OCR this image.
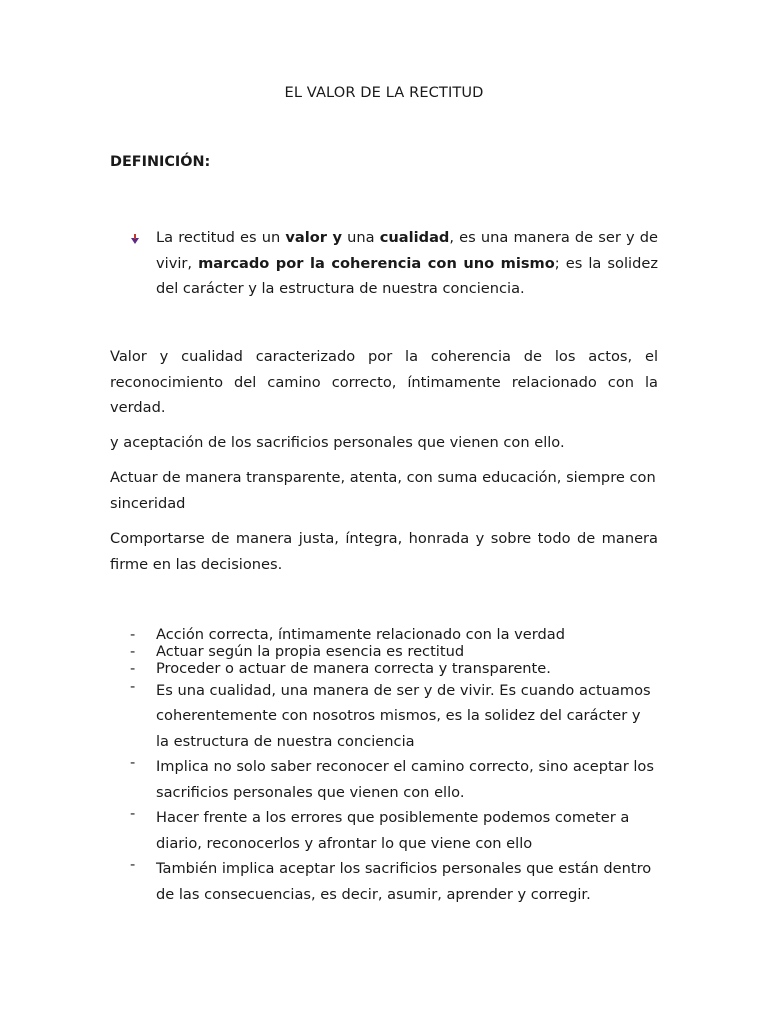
EL VALOR DE LA RECTITUD
DEFINICIÓN:
La rectitud es un valor y una cualidad, es una manera de ser y de vivir, marcado por la coherencia con uno mismo; es la solidez del carácter y la estructura de nuestra conciencia.
Valor y cualidad caracterizado por la coherencia de los actos, el reconocimiento del camino correcto, íntimamente relacionado con la verdad.
y aceptación de los sacrificios personales que vienen con ello.
Actuar de manera transparente, atenta, con suma educación, siempre con sinceridad
Comportarse de manera justa, íntegra, honrada y sobre todo de manera firme en las decisiones.
- Acción correcta, íntimamente relacionado con la verdad
- Actuar según la propia esencia es rectitud
- Proceder o actuar de manera correcta y transparente.
- Es una cualidad, una manera de ser y de vivir. Es cuando actuamos coherentemente con nosotros mismos, es la solidez del carácter y la estructura de nuestra conciencia
- Implica no solo saber reconocer el camino correcto, sino aceptar los sacrificios personales que vienen con ello.
- Hacer frente a los errores que posiblemente podemos cometer a diario, reconocerlos y afrontar lo que viene con ello
- También implica aceptar los sacrificios personales que están dentro de las consecuencias, es decir, asumir, aprender y corregir.
